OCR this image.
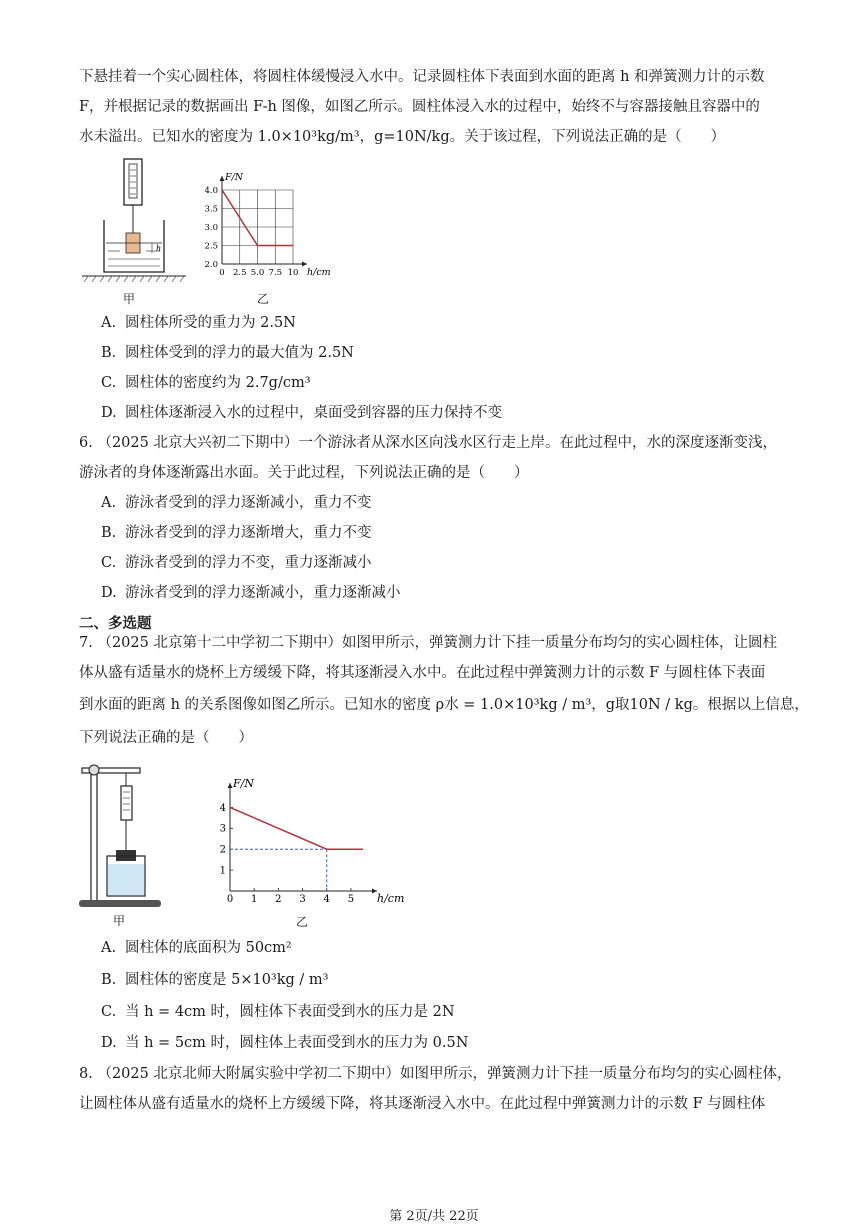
下悬挂着一个实心圆柱体，将圆柱体缓慢浸入水中。记录圆柱体下表面到水面的距离 h 和弹簧测力计的示数
F，并根据记录的数据画出 F-h 图像，如图乙所示。圆柱体浸入水的过程中，始终不与容器接触且容器中的
水未溢出。已知水的密度为 1.0×10³kg/m³，g=10N/kg。关于该过程，下列说法正确的是（　　）
h
甲
0 2.5 5.0 7.5 10
2.0
2.5
3.0
3.5
4.0
F/N
h/cm
乙
A. 圆柱体所受的重力为 2.5N
B. 圆柱体受到的浮力的最大值为 2.5N
C. 圆柱体的密度约为 2.7g/cm³
D. 圆柱体逐渐浸入水的过程中，桌面受到容器的压力保持不变
6. （2025 北京大兴初二下期中）一个游泳者从深水区向浅水区行走上岸。在此过程中，水的深度逐渐变浅，
游泳者的身体逐渐露出水面。关于此过程，下列说法正确的是（　　）
A. 游泳者受到的浮力逐渐减小，重力不变
B. 游泳者受到的浮力逐渐增大，重力不变
C. 游泳者受到的浮力不变，重力逐渐减小
D. 游泳者受到的浮力逐渐减小，重力逐渐减小
二、多选题
7. （2025 北京第十二中学初二下期中）如图甲所示，弹簧测力计下挂一质量分布均匀的实心圆柱体，让圆柱
体从盛有适量水的烧杯上方缓缓下降，将其逐渐浸入水中。在此过程中弹簧测力计的示数 F 与圆柱体下表面
到水面的距离 h 的关系图像如图乙所示。已知水的密度 ρ水 = 1.0×10³kg / m³，g取10N / kg。根据以上信息，
下列说法正确的是（　　）
甲
0 1 2 3 4 5
1
2
3
4
F/N
h/cm
乙
A. 圆柱体的底面积为 50cm²
B. 圆柱体的密度是 5×10³kg / m³
C. 当 h = 4cm 时，圆柱体下表面受到水的压力是 2N
D. 当 h = 5cm 时，圆柱体上表面受到水的压力为 0.5N
8. （2025 北京北师大附属实验中学初二下期中）如图甲所示，弹簧测力计下挂一质量分布均匀的实心圆柱体，
让圆柱体从盛有适量水的烧杯上方缓缓下降，将其逐渐浸入水中。在此过程中弹簧测力计的示数 F 与圆柱体
第 2页/共 22页
